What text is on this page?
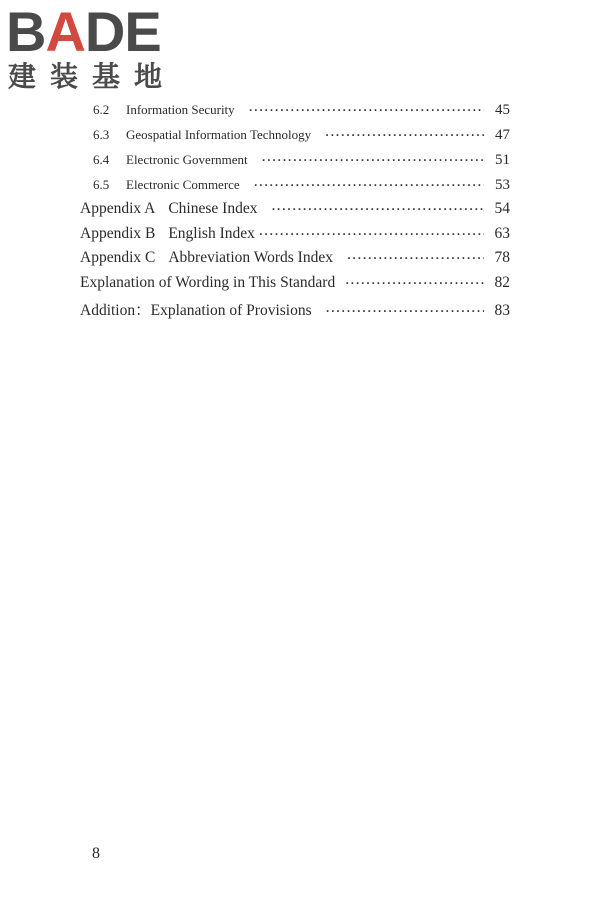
B A D E
建装基地
6.2	Information Security ·····	45
6.3	Geospatial Information Technology ·····	47
6.4	Electronic Government ·····	51
6.5	Electronic Commerce ·····	53
Appendix A Chinese Index ·····	54
Appendix B English Index ·····	63
Appendix C Abbreviation Words Index ·····	78
Explanation of Wording in This Standard ·····	82
Addition：Explanation of Provisions ·····	83
8
